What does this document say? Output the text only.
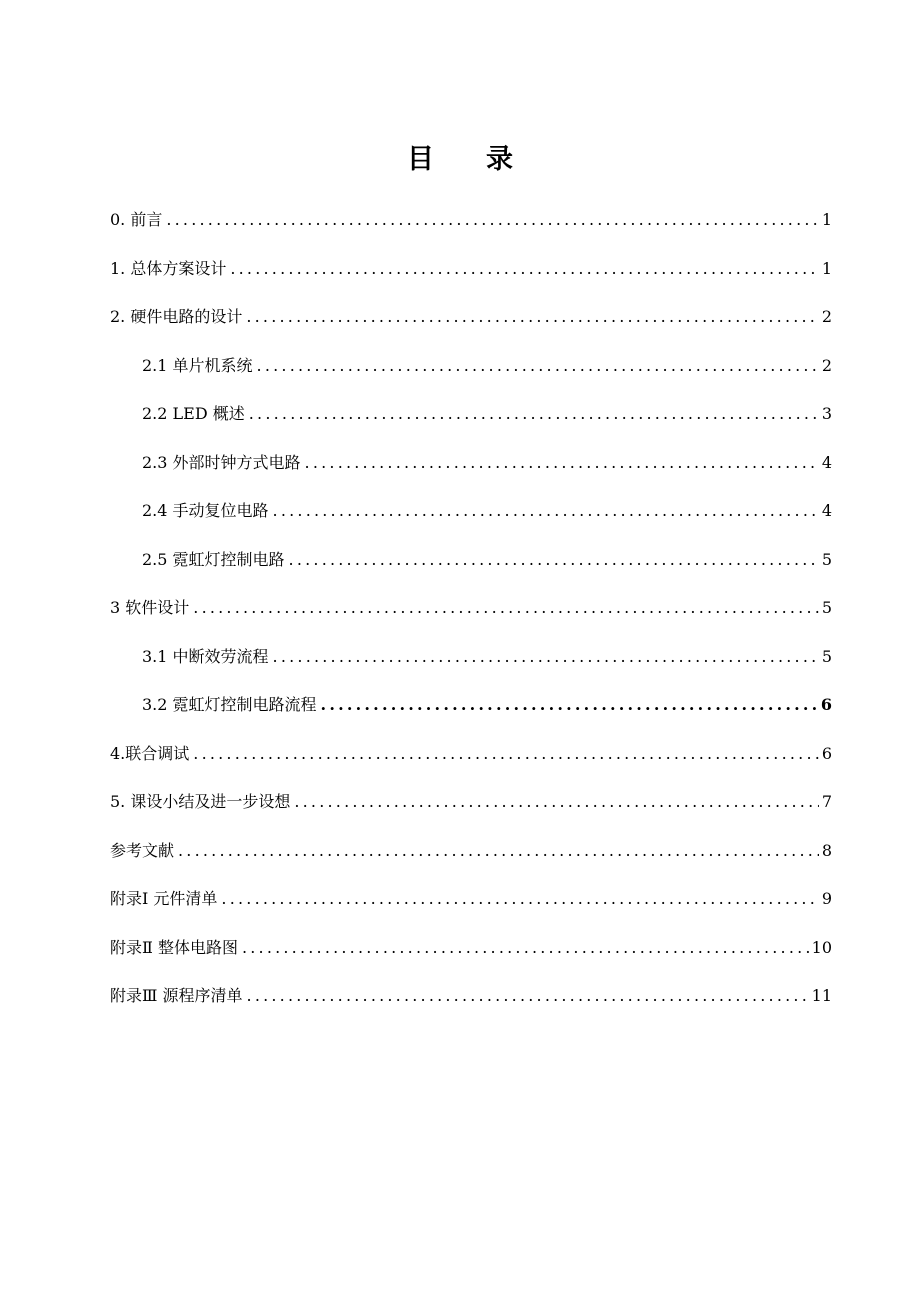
目 录
0. 前言 .....	1
1. 总体方案设计 .....	1
2. 硬件电路的设计 .....	2
2.1 单片机系统 .....	2
2.2 LED 概述 .....	3
2.3 外部时钟方式电路 .....	4
2.4 手动复位电路 .....	4
2.5 霓虹灯控制电路 .....	5
3 软件设计 .....	5
3.1 中断效劳流程 .....	5
3.2 霓虹灯控制电路流程 .....	6
4.联合调试 .....	6
5. 课设小结及进一步设想 .....	7
参考文献 .....	8
附录Ⅰ 元件清单 .....	9
附录Ⅱ 整体电路图 .....	10
附录Ⅲ 源程序清单 .....	11
